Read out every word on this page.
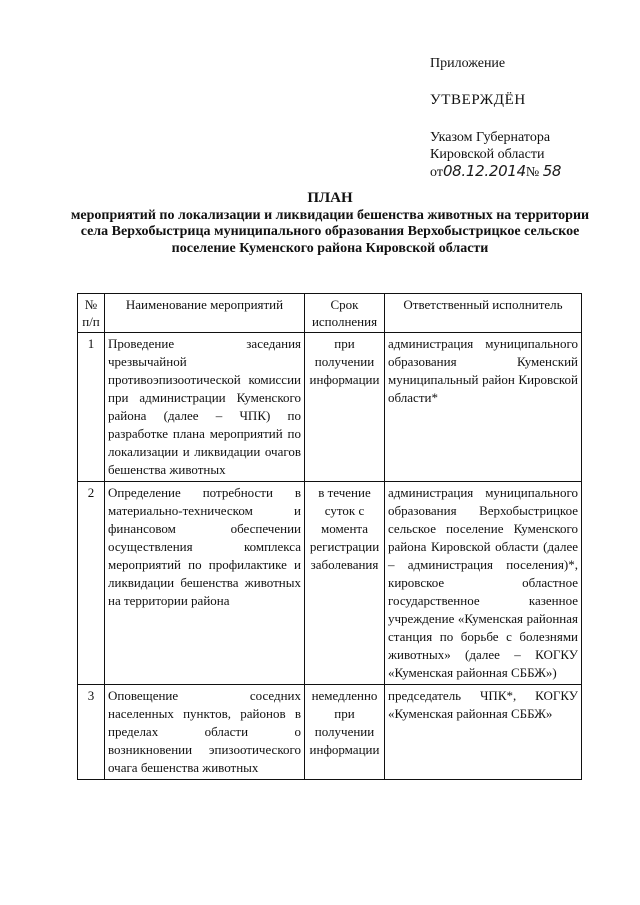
Приложение

УТВЕРЖДЁН

Указом Губернатора

Кировской области

от08.12.2014№ 58

ПЛАН
мероприятий по локализации и ликвидации бешенства животных на территории села Верхобыстрица муниципального образования Верхобыстрицкое сельское поселение Куменского района Кировской области
№ п/п	Наименование мероприятий	Срок исполнения	Ответственный исполнитель
1	Проведение заседания чрезвычайной противоэпизоотической комиссии при администрации Куменского района (далее – ЧПК) по разработке плана мероприятий по локализации и ликвидации очагов бешенства животных	при получении информации	администрация муниципального образования Куменский муниципальный район Кировской области*
2	Определение потребности в материально-техническом и финансовом обеспечении осуществления комплекса мероприятий по профилактике и ликвидации бешенства животных на территории района	в течение суток с момента регистрации заболевания	администрация муниципального образования Верхобыстрицкое сельское поселение Куменского района Кировской области (далее – администрация поселения)*, кировское областное государственное казенное учреждение «Куменская районная станция по борьбе с болезнями животных» (далее – КОГКУ «Куменская районная СББЖ»)
3	Оповещение соседних населенных пунктов, районов в пределах области о возникновении эпизоотического очага бешенства животных	немедленно при получении информации	председатель ЧПК*, КОГКУ «Куменская районная СББЖ»
